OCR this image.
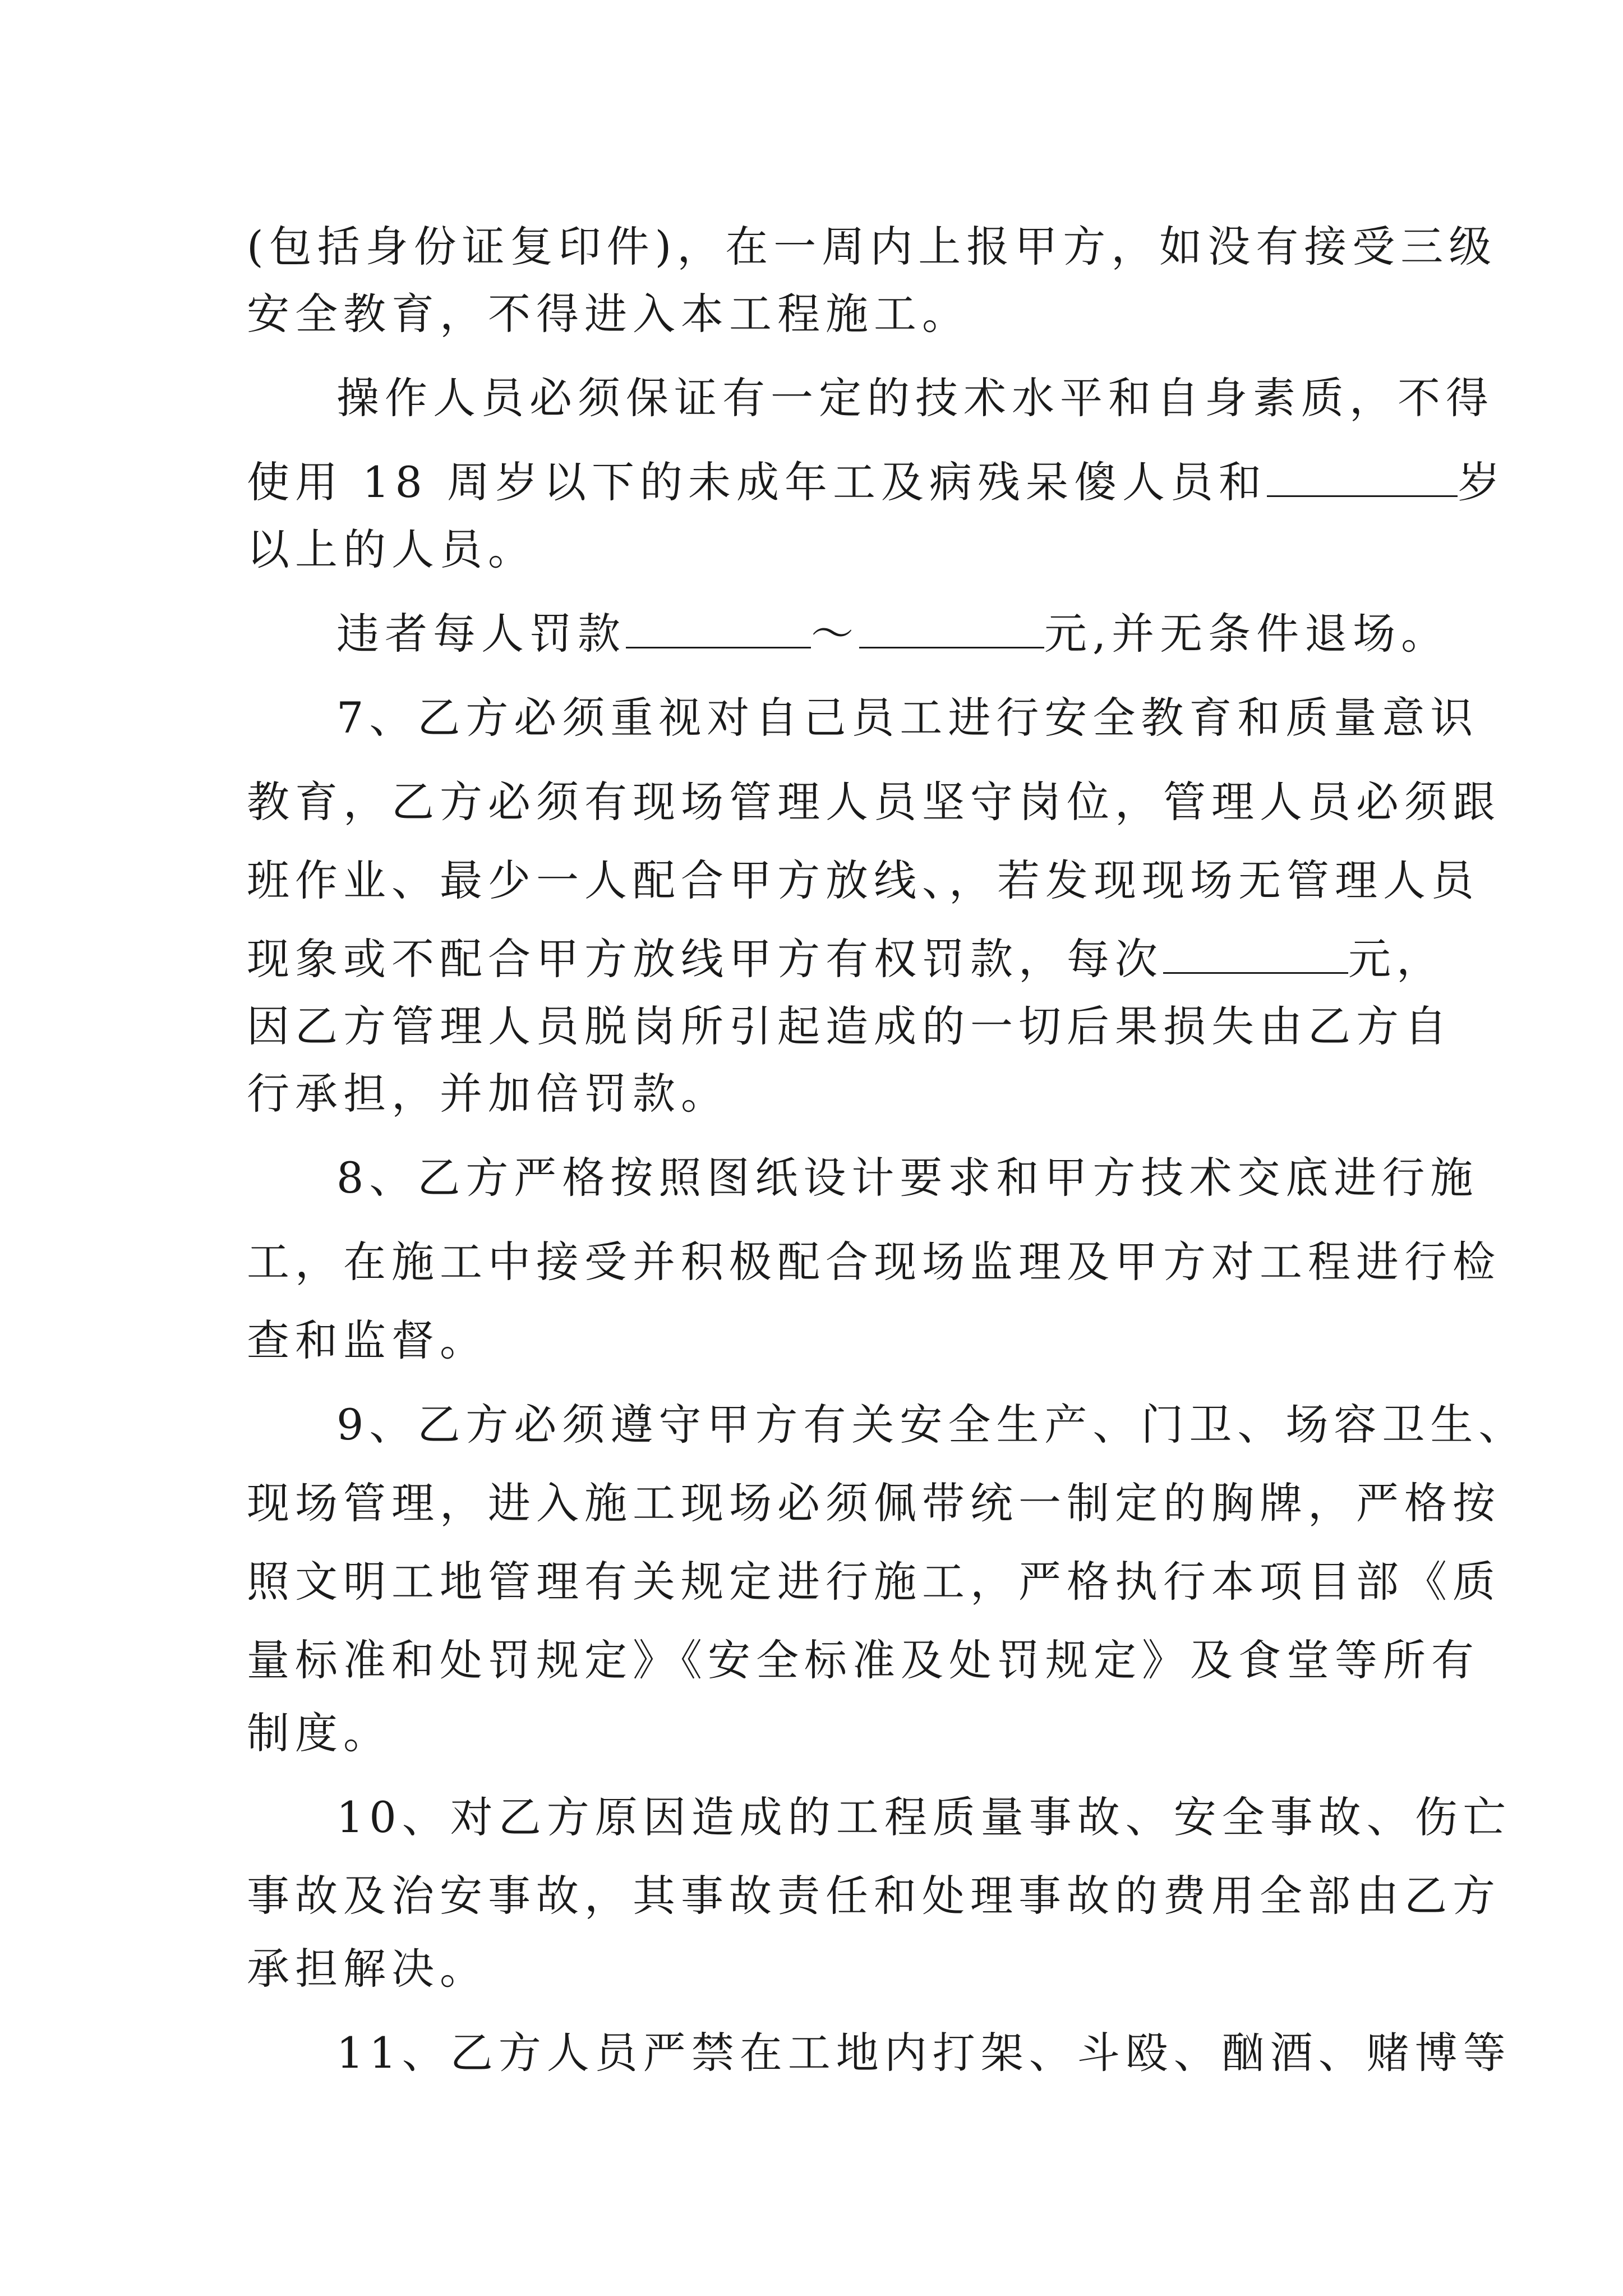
(包括身份证复印件)，在一周内上报甲方，如没有接受三级
安全教育，不得进入本工程施工。
操作人员必须保证有一定的技术水平和自身素质，不得
使用 18 周岁以下的未成年工及病残呆傻人员和	岁
以上的人员。
违者每人罚款	～	元,并无条件退场。
7、乙方必须重视对自己员工进行安全教育和质量意识
教育，乙方必须有现场管理人员坚守岗位，管理人员必须跟
班作业、最少一人配合甲方放线、，若发现现场无管理人员
现象或不配合甲方放线甲方有权罚款，每次	元，
因乙方管理人员脱岗所引起造成的一切后果损失由乙方自
行承担，并加倍罚款。
8、乙方严格按照图纸设计要求和甲方技术交底进行施
工，在施工中接受并积极配合现场监理及甲方对工程进行检
查和监督。
9、乙方必须遵守甲方有关安全生产、门卫、场容卫生、
现场管理，进入施工现场必须佩带统一制定的胸牌，严格按
照文明工地管理有关规定进行施工，严格执行本项目部《质
量标准和处罚规定》《安全标准及处罚规定》及食堂等所有
制度。
10、对乙方原因造成的工程质量事故、安全事故、伤亡
事故及治安事故，其事故责任和处理事故的费用全部由乙方
承担解决。
11、乙方人员严禁在工地内打架、斗殴、酗酒、赌博等
